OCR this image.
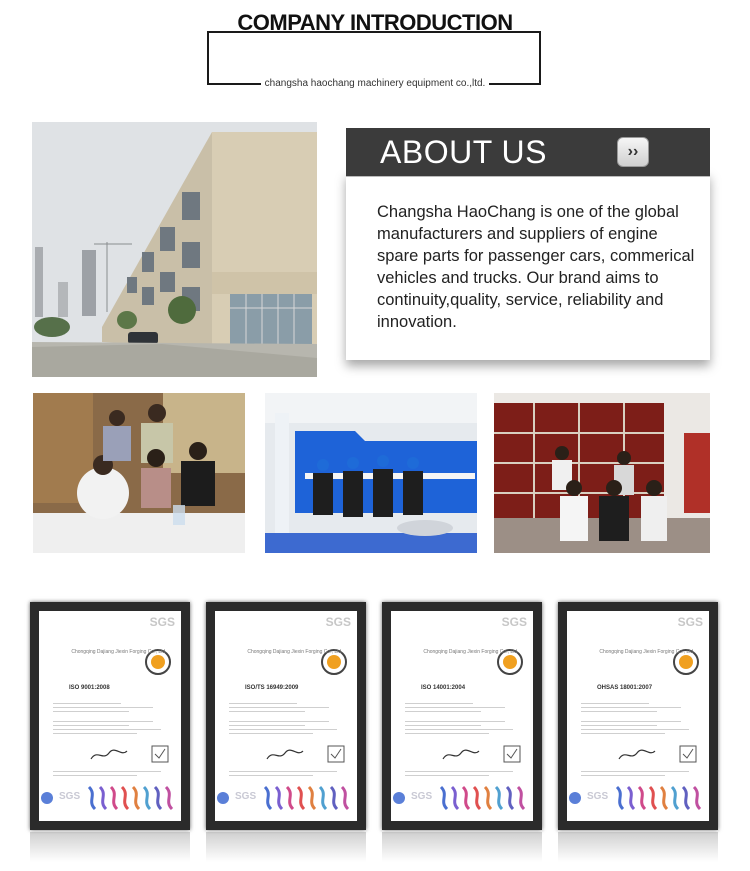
COMPANY INTRODUCTION
changsha haochang machinery equipment co.,ltd.
ABOUT US	››
Changsha HaoChang is one of the global manufacturers and suppliers of engine spare parts for passenger cars, commerical vehicles and trucks. Our brand aims to continuity,quality, service, reliability and innovation.
SGS
Chongqing Dajiang Jiexin Forging Co., Ltd.
ISO 9001:2008
SGS
SGS
Chongqing Dajiang Jiexin Forging Co., Ltd.
ISO/TS 16949:2009
SGS
SGS
Chongqing Dajiang Jiexin Forging Co., Ltd.
ISO 14001:2004
SGS
SGS
Chongqing Dajiang Jiexin Forging Co., Ltd.
OHSAS 18001:2007
SGS
